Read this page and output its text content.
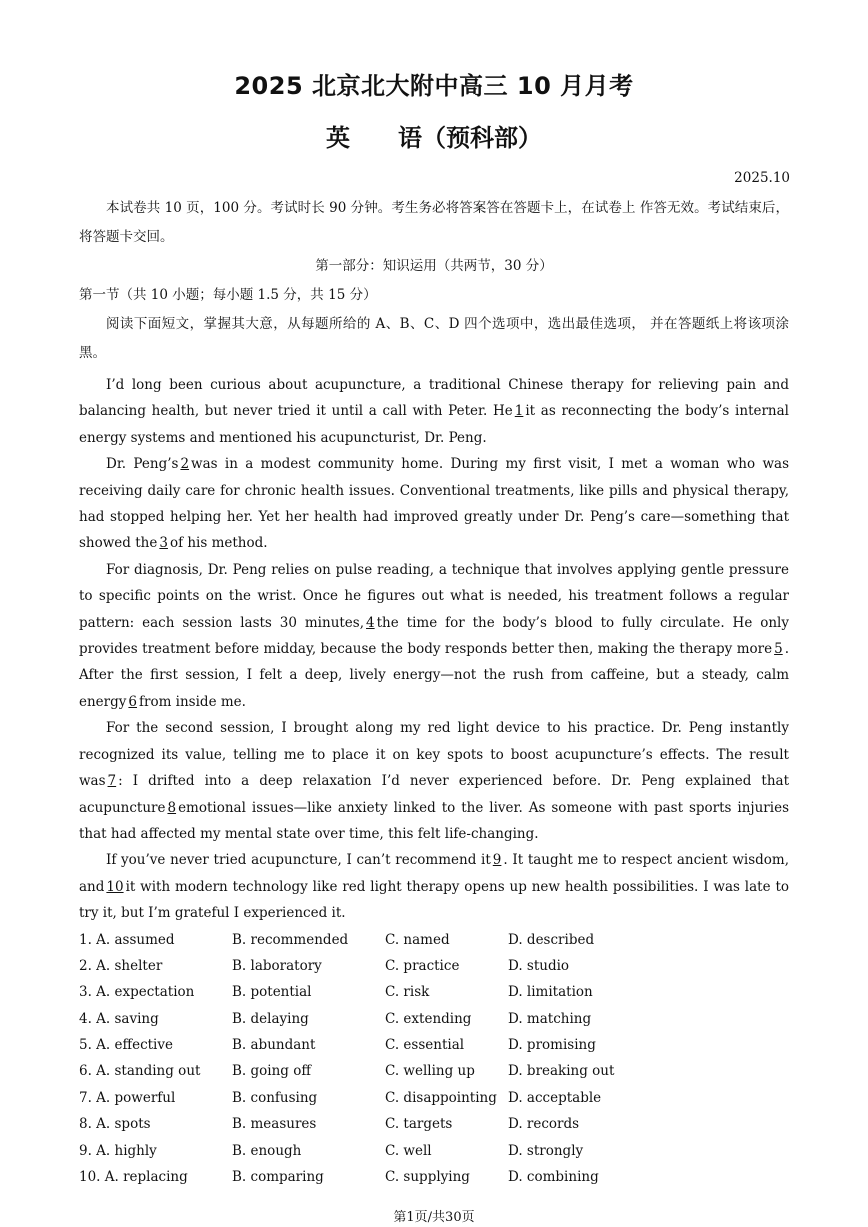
2025 北京北大附中高三 10 月月考
英　　语（预科部）
2025.10

本试卷共 10 页，100 分。考试时长 90 分钟。考生务必将答案答在答题卡上，在试卷上 作答无效。考试结束后，将答题卡交回。

第一部分：知识运用（共两节，30 分）

第一节（共 10 小题；每小题 1.5 分，共 15 分）

阅读下面短文，掌握其大意，从每题所给的 A、B、C、D 四个选项中，选出最佳选项， 并在答题纸上将该项涂黑。

I’d long been curious about acupuncture, a traditional Chinese therapy for relieving pain and balancing health, but never tried it until a call with Peter. He 1 it as reconnecting the body’s internal energy systems and mentioned his acupuncturist, Dr. Peng.

Dr. Peng’s 2 was in a modest community home. During my first visit, I met a woman who was receiving daily care for chronic health issues. Conventional treatments, like pills and physical therapy, had stopped helping her. Yet her health had improved greatly under Dr. Peng’s care—something that showed the 3 of his method.

For diagnosis, Dr. Peng relies on pulse reading, a technique that involves applying gentle pressure to specific points on the wrist. Once he figures out what is needed, his treatment follows a regular pattern: each session lasts 30 minutes, 4 the time for the body’s blood to fully circulate. He only provides treatment before midday, because the body responds better then, making the therapy more 5 . After the first session, I felt a deep, lively energy—not the rush from caffeine, but a steady, calm energy 6 from inside me.

For the second session, I brought along my red light device to his practice. Dr. Peng instantly recognized its value, telling me to place it on key spots to boost acupuncture’s effects. The result was 7 : I drifted into a deep relaxation I’d never experienced before. Dr. Peng explained that acupuncture 8 emotional issues—like anxiety linked to the liver. As someone with past sports injuries that had affected my mental state over time, this felt life-changing.

If you’ve never tried acupuncture, I can’t recommend it 9 . It taught me to respect ancient wisdom, and 10 it with modern technology like red light therapy opens up new health possibilities. I was late to try it, but I’m grateful I experienced it.

1. A. assumed	B. recommended	C. named	D. described
2. A. shelter	B. laboratory	C. practice	D. studio
3. A. expectation	B. potential	C. risk	D. limitation
4. A. saving	B. delaying	C. extending	D. matching
5. A. effective	B. abundant	C. essential	D. promising
6. A. standing out	B. going off	C. welling up	D. breaking out
7. A. powerful	B. confusing	C. disappointing D. acceptable
8. A. spots	B. measures	C. targets	D. records
9. A. highly	B. enough	C. well	D. strongly
10. A. replacing	B. comparing	C. supplying	D. combining
第1页/共30页
